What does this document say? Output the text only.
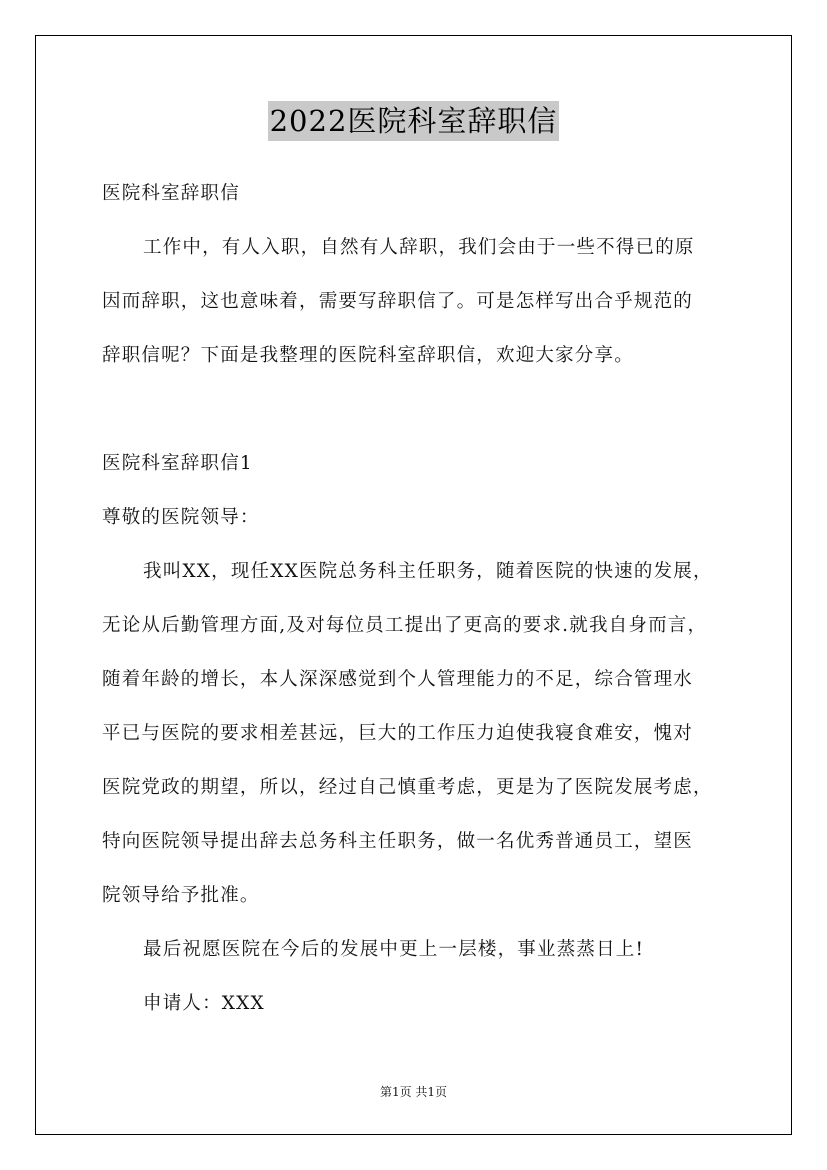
2022医院科室辞职信
医院科室辞职信
工作中，有人入职，自然有人辞职，我们会由于一些不得已的原
因而辞职，这也意味着，需要写辞职信了。可是怎样写出合乎规范的
辞职信呢？下面是我整理的医院科室辞职信，欢迎大家分享。
医院科室辞职信1
尊敬的医院领导：
我叫XX，现任XX医院总务科主任职务，随着医院的快速的发展，
无论从后勤管理方面,及对每位员工提出了更高的要求.就我自身而言，
随着年龄的增长，本人深深感觉到个人管理能力的不足，综合管理水
平已与医院的要求相差甚远，巨大的工作压力迫使我寝食难安，愧对
医院党政的期望，所以，经过自己慎重考虑，更是为了医院发展考虑，
特向医院领导提出辞去总务科主任职务，做一名优秀普通员工，望医
院领导给予批准。
最后祝愿医院在今后的发展中更上一层楼，事业蒸蒸日上!
申请人：XXX
第1页 共1页
